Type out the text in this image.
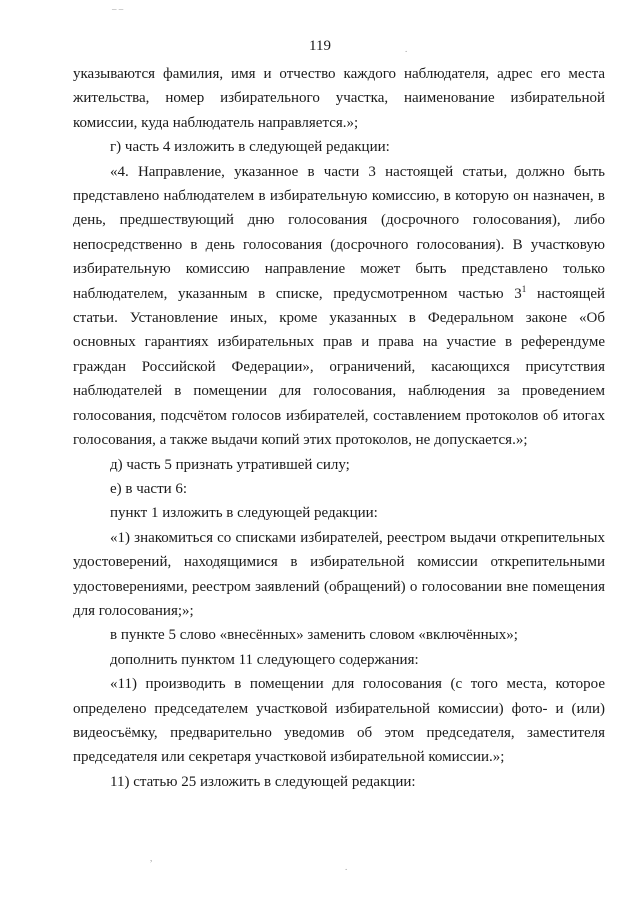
– –
119

указываются фамилия, имя и отчество каждого наблюдателя, адрес его места жительства, номер избирательного участка, наименование избирательной комиссии, куда наблюдатель направляется.»;

г) часть 4 изложить в следующей редакции:

«4. Направление, указанное в части 3 настоящей статьи, должно быть представлено наблюдателем в избирательную комиссию, в которую он назначен, в день, предшествующий дню голосования (досрочного голосования), либо непосредственно в день голосования (досрочного голосования). В участковую избирательную комиссию направление может быть представлено только наблюдателем, указанным в списке, предусмотренном частью $3^1$ настоящей статьи. Установление иных, кроме указанных в Федеральном законе «Об основных гарантиях избирательных прав и права на участие в референдуме граждан Российской Федерации», ограничений, касающихся присутствия наблюдателей в помещении для голосования, наблюдения за проведением голосования, подсчётом голосов избирателей, составлением протоколов об итогах голосования, а также выдачи копий этих протоколов, не допускается.»;

д) часть 5 признать утратившей силу;

е) в части 6:

пункт 1 изложить в следующей редакции:

«1) знакомиться со списками избирателей, реестром выдачи открепительных удостоверений, находящимися в избирательной комиссии открепительными удостоверениями, реестром заявлений (обращений) о голосовании вне помещения для голосования;»;

в пункте 5 слово «внесённых» заменить словом «включённых»;

дополнить пунктом 11 следующего содержания:

«11) производить в помещении для голосования (с того места, которое определено председателем участковой избирательной комиссии) фото- и (или) видеосъёмку, предварительно уведомив об этом председателя, заместителя председателя или секретаря участковой избирательной комиссии.»;

11) статью 25 изложить в следующей редакции:

.
,
.
